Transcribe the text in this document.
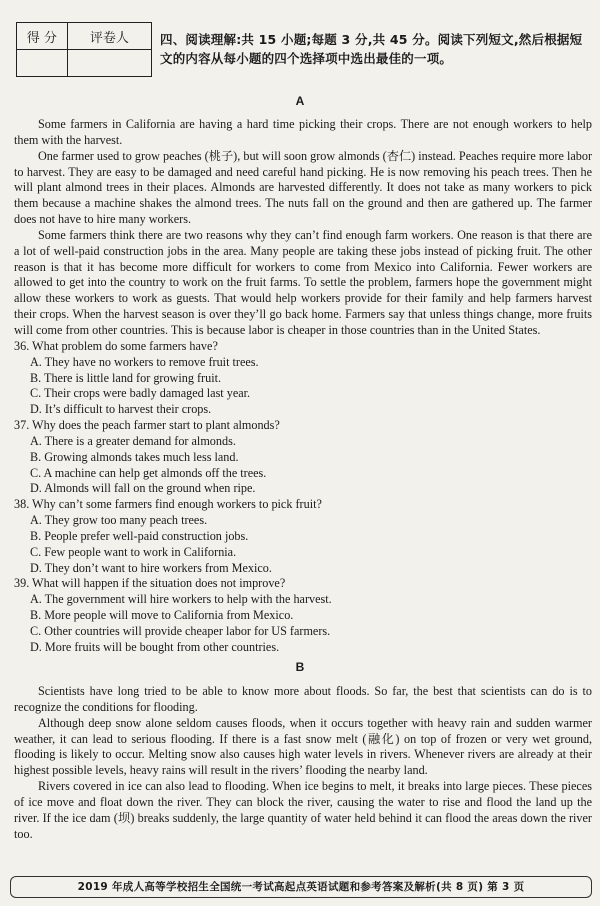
得 分	评卷人
	四、阅读理解:共 15 小题;每题 3 分,共 45 分。阅读下列短文,然后根据短文的内容从每小题的四个选择项中选出最佳的一项。
A

Some farmers in California are having a hard time picking their crops. There are not enough workers to help them with the harvest.

One farmer used to grow peaches (桃子), but will soon grow almonds (杏仁) instead. Peaches require more labor to harvest. They are easy to be damaged and need careful hand picking. He is now removing his peach trees. Then he will plant almond trees in their places. Almonds are harvested differently. It does not take as many workers to pick them because a machine shakes the almond trees. The nuts fall on the ground and then are gathered up. The farmer does not have to hire many workers.

Some farmers think there are two reasons why they can’t find enough farm workers. One reason is that there are a lot of well-paid construction jobs in the area. Many people are taking these jobs instead of picking fruit. The other reason is that it has become more difficult for workers to come from Mexico into California. Fewer workers are allowed to get into the country to work on the fruit farms. To settle the problem, farmers hope the government might allow these workers to work as guests. That would help workers provide for their family and help farmers harvest their crops. When the harvest season is over they’ll go back home. Farmers say that unless things change, more fruits will come from other countries. This is because labor is cheaper in those countries than in the United States.

36. What problem do some farmers have?

A. They have no workers to remove fruit trees.

B. There is little land for growing fruit.

C. Their crops were badly damaged last year.

D. It’s difficult to harvest their crops.

37. Why does the peach farmer start to plant almonds?

A. There is a greater demand for almonds.

B. Growing almonds takes much less land.

C. A machine can help get almonds off the trees.

D. Almonds will fall on the ground when ripe.

38. Why can’t some farmers find enough workers to pick fruit?

A. They grow too many peach trees.

B. People prefer well-paid construction jobs.

C. Few people want to work in California.

D. They don’t want to hire workers from Mexico.

39. What will happen if the situation does not improve?

A. The government will hire workers to help with the harvest.

B. More people will move to California from Mexico.

C. Other countries will provide cheaper labor for US farmers.

D. More fruits will be bought from other countries.

B

Scientists have long tried to be able to know more about floods. So far, the best that scientists can do is to recognize the conditions for flooding.

Although deep snow alone seldom causes floods, when it occurs together with heavy rain and sudden warmer weather, it can lead to serious flooding. If there is a fast snow melt (融化) on top of frozen or very wet ground, flooding is likely to occur. Melting snow also causes high water levels in rivers. Whenever rivers are already at their highest possible levels, heavy rains will result in the rivers’ flooding the nearby land.

Rivers covered in ice can also lead to flooding. When ice begins to melt, it breaks into large pieces. These pieces of ice move and float down the river. They can block the river, causing the water to rise and flood the land up the river. If the ice dam (坝) breaks suddenly, the large quantity of water held behind it can flood the areas down the river too.

2019 年成人高等学校招生全国统一考试高起点英语试题和参考答案及解析(共 8 页) 第 3 页
